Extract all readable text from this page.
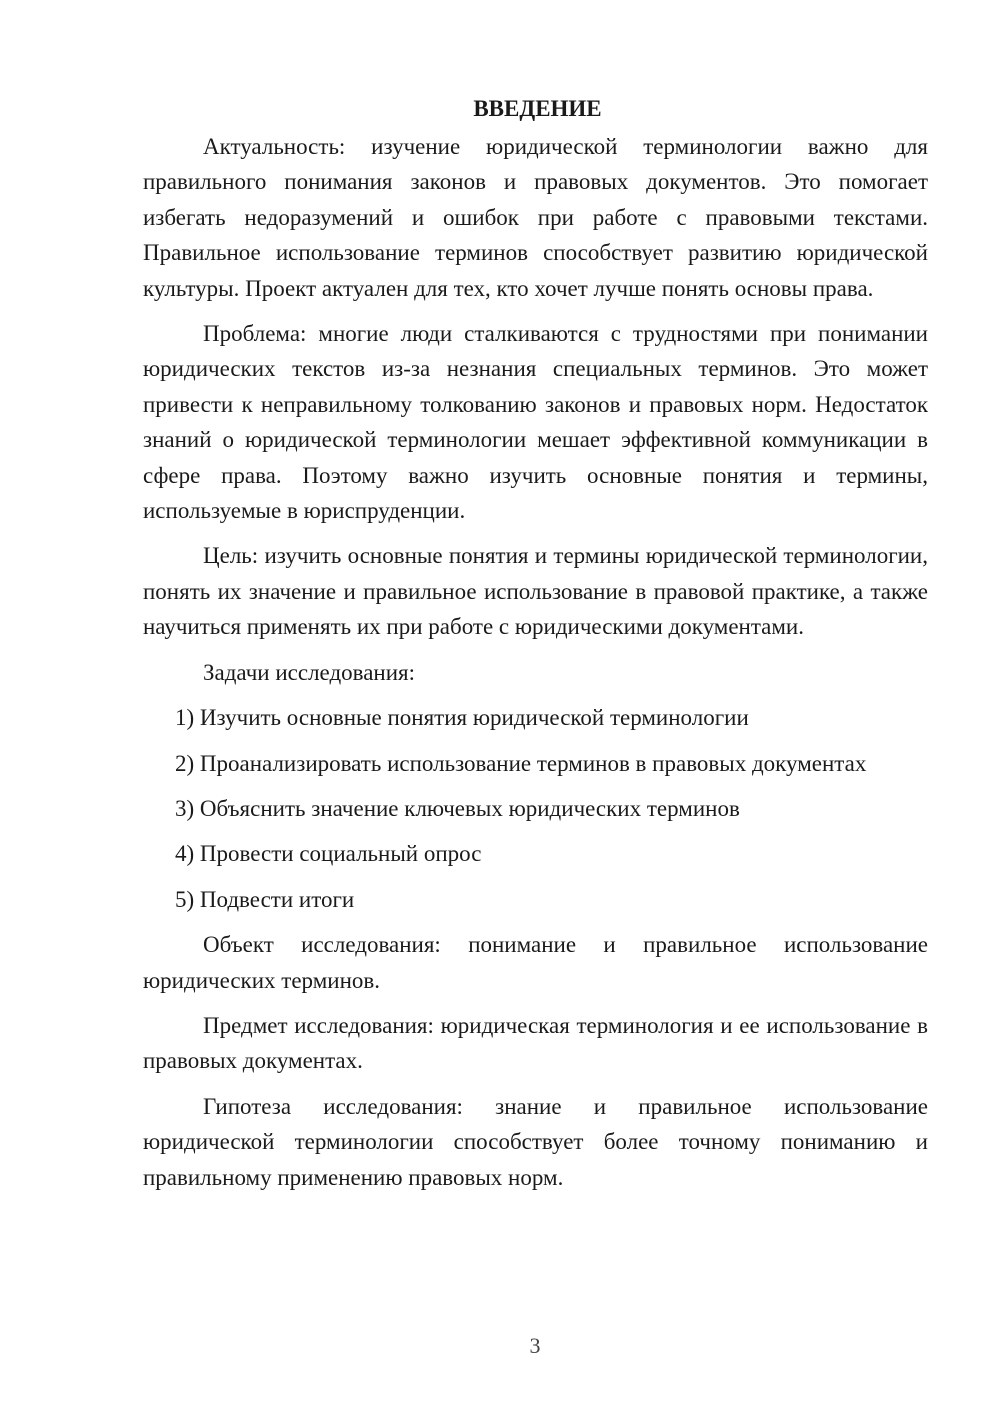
ВВЕДЕНИЕ

Актуальность: изучение юридической терминологии важно для правильного понимания законов и правовых документов. Это помогает избегать недоразумений и ошибок при работе с правовыми текстами. Правильное использование терминов способствует развитию юридической культуры. Проект актуален для тех, кто хочет лучше понять основы права.

Проблема: многие люди сталкиваются с трудностями при понимании юридических текстов из-за незнания специальных терминов. Это может привести к неправильному толкованию законов и правовых норм. Недостаток знаний о юридической терминологии мешает эффективной коммуникации в сфере права. Поэтому важно изучить основные понятия и термины, используемые в юриспруденции.

Цель: изучить основные понятия и термины юридической терминологии, понять их значение и правильное использование в правовой практике, а также научиться применять их при работе с юридическими документами.

Задачи исследования:

1) Изучить основные понятия юридической терминологии

2) Проанализировать использование терминов в правовых документах

3) Объяснить значение ключевых юридических терминов

4) Провести социальный опрос

5) Подвести итоги

Объект исследования: понимание и правильное использование юридических терминов.

Предмет исследования: юридическая терминология и ее использование в правовых документах.

Гипотеза исследования: знание и правильное использование юридической терминологии способствует более точному пониманию и правильному применению правовых норм.

3
